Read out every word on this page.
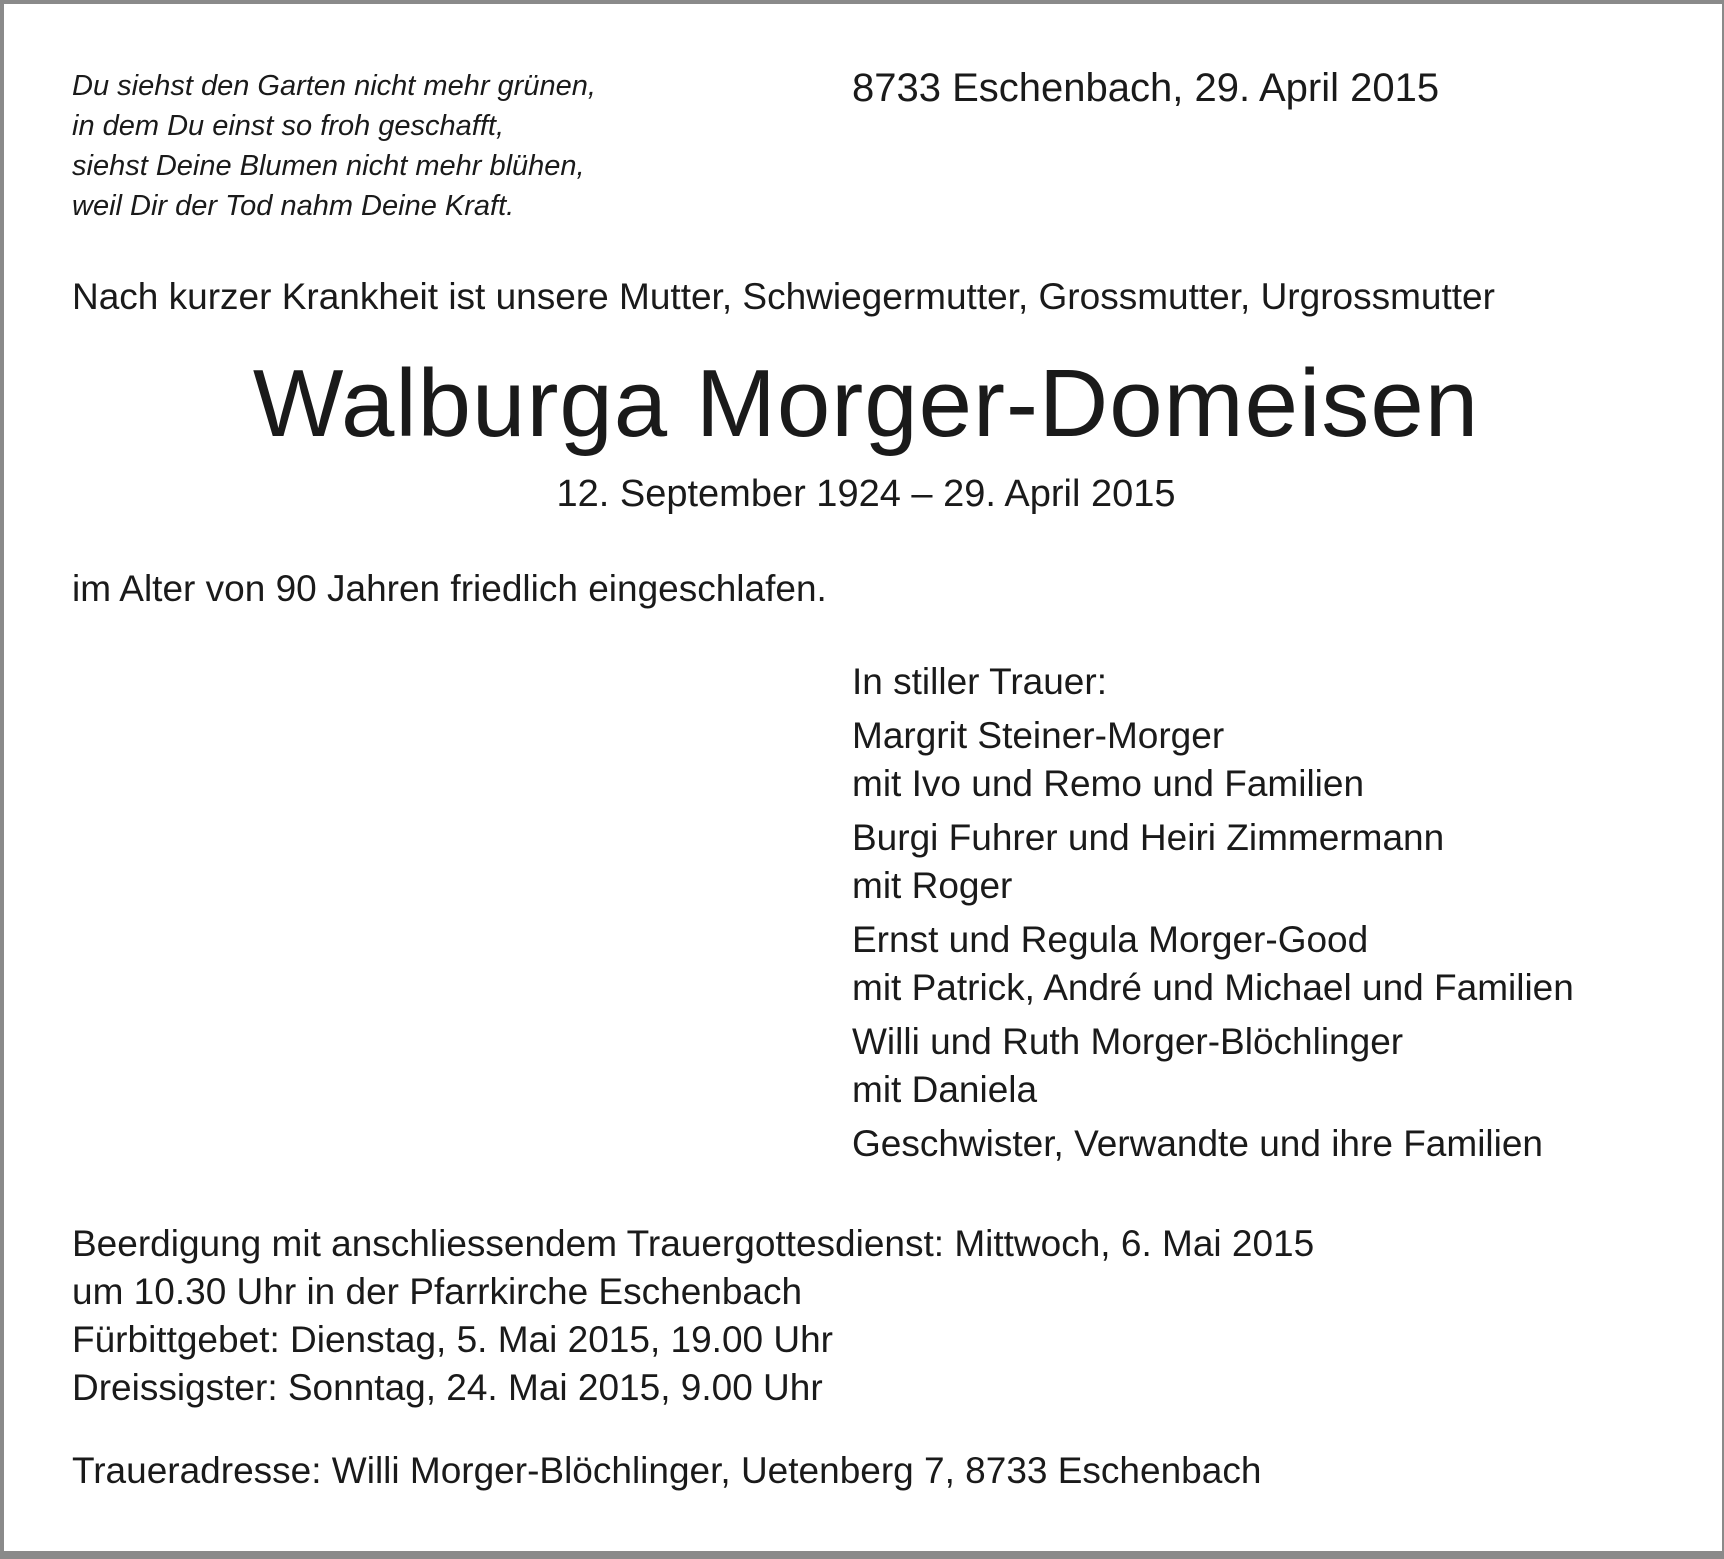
Du siehst den Garten nicht mehr grünen,
in dem Du einst so froh geschafft,
siehst Deine Blumen nicht mehr blühen,
weil Dir der Tod nahm Deine Kraft.
8733 Eschenbach, 29. April 2015
Nach kurzer Krankheit ist unsere Mutter, Schwiegermutter, Grossmutter, Urgrossmutter
Walburga Morger-Domeisen
12. September 1924 – 29. April 2015
im Alter von 90 Jahren friedlich eingeschlafen.
In stiller Trauer:
Margrit Steiner-Morger
mit Ivo und Remo und Familien
Burgi Fuhrer und Heiri Zimmermann
mit Roger
Ernst und Regula Morger-Good
mit Patrick, André und Michael und Familien
Willi und Ruth Morger-Blöchlinger
mit Daniela
Geschwister, Verwandte und ihre Familien
Beerdigung mit anschliessendem Trauergottesdienst: Mittwoch, 6. Mai 2015
um 10.30 Uhr in der Pfarrkirche Eschenbach
Fürbittgebet: Dienstag, 5. Mai 2015, 19.00 Uhr
Dreissigster: Sonntag, 24. Mai 2015, 9.00 Uhr
Traueradresse: Willi Morger-Blöchlinger, Uetenberg 7, 8733 Eschenbach
